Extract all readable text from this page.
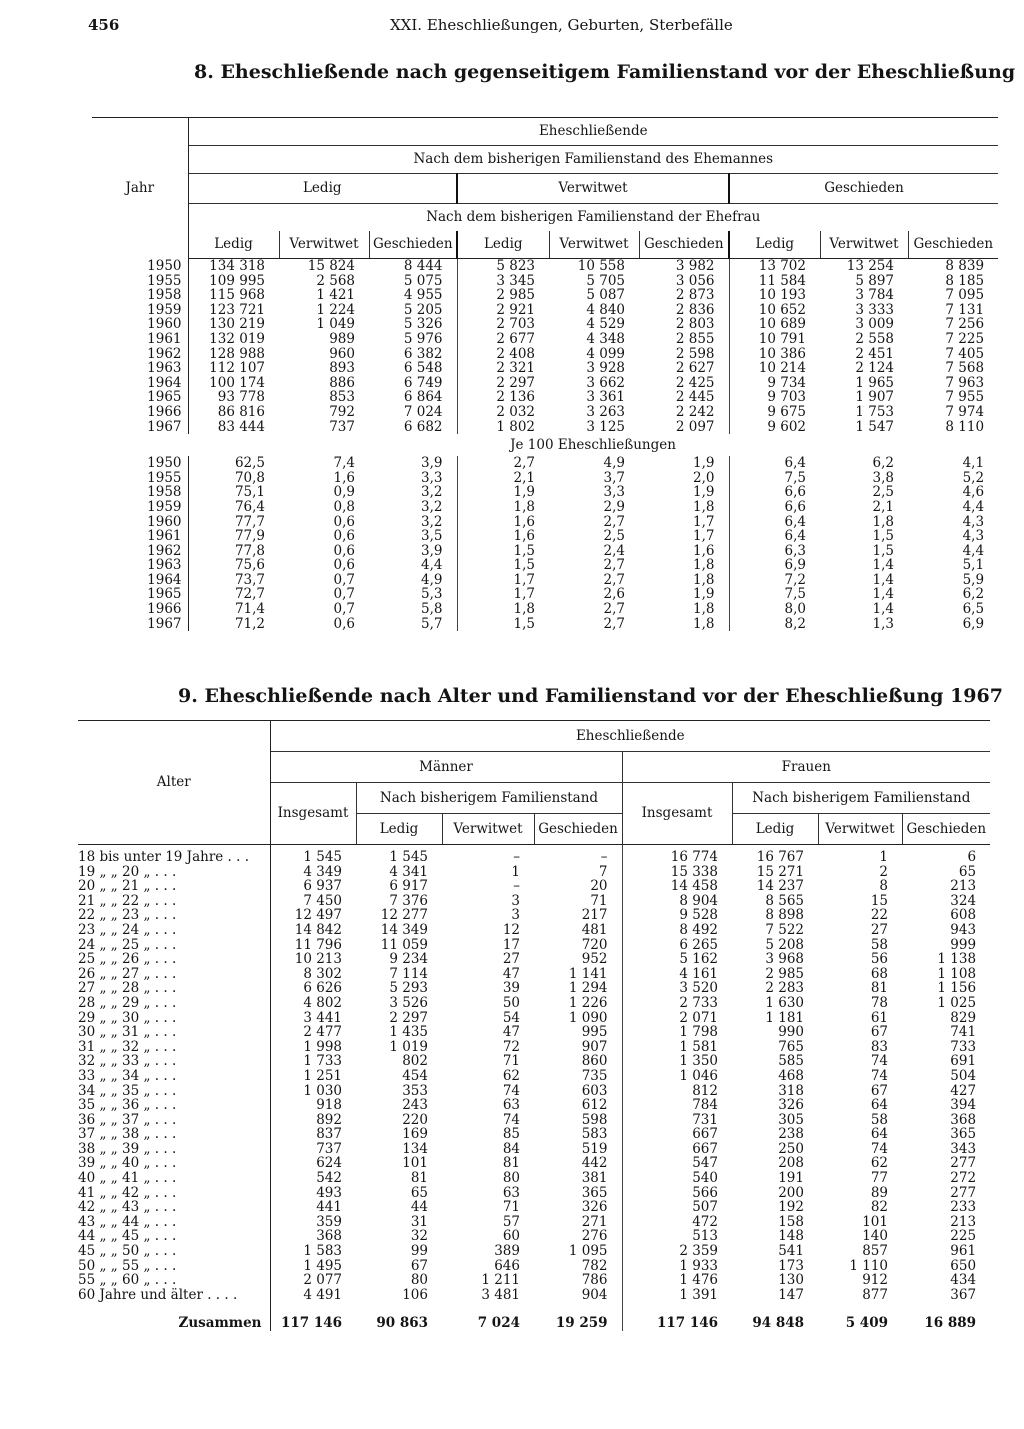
456	XXI. Eheschließungen, Geburten, Sterbefälle
8. Eheschließende nach gegenseitigem Familienstand vor der Eheschließung
Jahr	Eheschließende								
	Nach dem bisherigen Familienstand des Ehemannes								
	Ledig			Verwitwet			Geschieden		
	Nach dem bisherigen Familienstand der Ehefrau								
	Ledig	Verwitwet	Geschieden	Ledig	Verwitwet	Geschieden	Ledig	Verwitwet	Geschieden
1950	134 318	15 824	8 444	5 823	10 558	3 982	13 702	13 254	8 839
1955	109 995	2 568	5 075	3 345	5 705	3 056	11 584	5 897	8 185
1958	115 968	1 421	4 955	2 985	5 087	2 873	10 193	3 784	7 095
1959	123 721	1 224	5 205	2 921	4 840	2 836	10 652	3 333	7 131
1960	130 219	1 049	5 326	2 703	4 529	2 803	10 689	3 009	7 256
1961	132 019	989	5 976	2 677	4 348	2 855	10 791	2 558	7 225
1962	128 988	960	6 382	2 408	4 099	2 598	10 386	2 451	7 405
1963	112 107	893	6 548	2 321	3 928	2 627	10 214	2 124	7 568
1964	100 174	886	6 749	2 297	3 662	2 425	9 734	1 965	7 963
1965	93 778	853	6 864	2 136	3 361	2 445	9 703	1 907	7 955
1966	86 816	792	7 024	2 032	3 263	2 242	9 675	1 753	7 974
1967	83 444	737	6 682	1 802	3 125	2 097	9 602	1 547	8 110
	Je 100 Eheschließungen								
1950	62,5	7,4	3,9	2,7	4,9	1,9	6,4	6,2	4,1
1955	70,8	1,6	3,3	2,1	3,7	2,0	7,5	3,8	5,2
1958	75,1	0,9	3,2	1,9	3,3	1,9	6,6	2,5	4,6
1959	76,4	0,8	3,2	1,8	2,9	1,8	6,6	2,1	4,4
1960	77,7	0,6	3,2	1,6	2,7	1,7	6,4	1,8	4,3
1961	77,9	0,6	3,5	1,6	2,5	1,7	6,4	1,5	4,3
1962	77,8	0,6	3,9	1,5	2,4	1,6	6,3	1,5	4,4
1963	75,6	0,6	4,4	1,5	2,7	1,8	6,9	1,4	5,1
1964	73,7	0,7	4,9	1,7	2,7	1,8	7,2	1,4	5,9
1965	72,7	0,7	5,3	1,7	2,6	1,9	7,5	1,4	6,2
1966	71,4	0,7	5,8	1,8	2,7	1,8	8,0	1,4	6,5
1967	71,2	0,6	5,7	1,5	2,7	1,8	8,2	1,3	6,9
9. Eheschließende nach Alter und Familienstand vor der Eheschließung 1967
Alter	Eheschließende							
	Männer				Frauen			
	Insgesamt	Nach bisherigem Familienstand			Insgesamt	Nach bisherigem Familienstand		
		Ledig	Verwitwet	Geschieden		Ledig	Verwitwet	Geschieden
18 bis unter 19 Jahre . . .	1 545	1 545	–	–	16 774	16 767	1	6
19 „ „ 20 „ . . .	4 349	4 341	1	7	15 338	15 271	2	65
20 „ „ 21 „ . . .	6 937	6 917	–	20	14 458	14 237	8	213
21 „ „ 22 „ . . .	7 450	7 376	3	71	8 904	8 565	15	324
22 „ „ 23 „ . . .	12 497	12 277	3	217	9 528	8 898	22	608
23 „ „ 24 „ . . .	14 842	14 349	12	481	8 492	7 522	27	943
24 „ „ 25 „ . . .	11 796	11 059	17	720	6 265	5 208	58	999
25 „ „ 26 „ . . .	10 213	9 234	27	952	5 162	3 968	56	1 138
26 „ „ 27 „ . . .	8 302	7 114	47	1 141	4 161	2 985	68	1 108
27 „ „ 28 „ . . .	6 626	5 293	39	1 294	3 520	2 283	81	1 156
28 „ „ 29 „ . . .	4 802	3 526	50	1 226	2 733	1 630	78	1 025
29 „ „ 30 „ . . .	3 441	2 297	54	1 090	2 071	1 181	61	829
30 „ „ 31 „ . . .	2 477	1 435	47	995	1 798	990	67	741
31 „ „ 32 „ . . .	1 998	1 019	72	907	1 581	765	83	733
32 „ „ 33 „ . . .	1 733	802	71	860	1 350	585	74	691
33 „ „ 34 „ . . .	1 251	454	62	735	1 046	468	74	504
34 „ „ 35 „ . . .	1 030	353	74	603	812	318	67	427
35 „ „ 36 „ . . .	918	243	63	612	784	326	64	394
36 „ „ 37 „ . . .	892	220	74	598	731	305	58	368
37 „ „ 38 „ . . .	837	169	85	583	667	238	64	365
38 „ „ 39 „ . . .	737	134	84	519	667	250	74	343
39 „ „ 40 „ . . .	624	101	81	442	547	208	62	277
40 „ „ 41 „ . . .	542	81	80	381	540	191	77	272
41 „ „ 42 „ . . .	493	65	63	365	566	200	89	277
42 „ „ 43 „ . . .	441	44	71	326	507	192	82	233
43 „ „ 44 „ . . .	359	31	57	271	472	158	101	213
44 „ „ 45 „ . . .	368	32	60	276	513	148	140	225
45 „ „ 50 „ . . .	1 583	99	389	1 095	2 359	541	857	961
50 „ „ 55 „ . . .	1 495	67	646	782	1 933	173	1 110	650
55 „ „ 60 „ . . .	2 077	80	1 211	786	1 476	130	912	434
60 Jahre und älter . . . .	4 491	106	3 481	904	1 391	147	877	367
Zusammen	117 146	90 863	7 024	19 259	117 146	94 848	5 409	16 889
